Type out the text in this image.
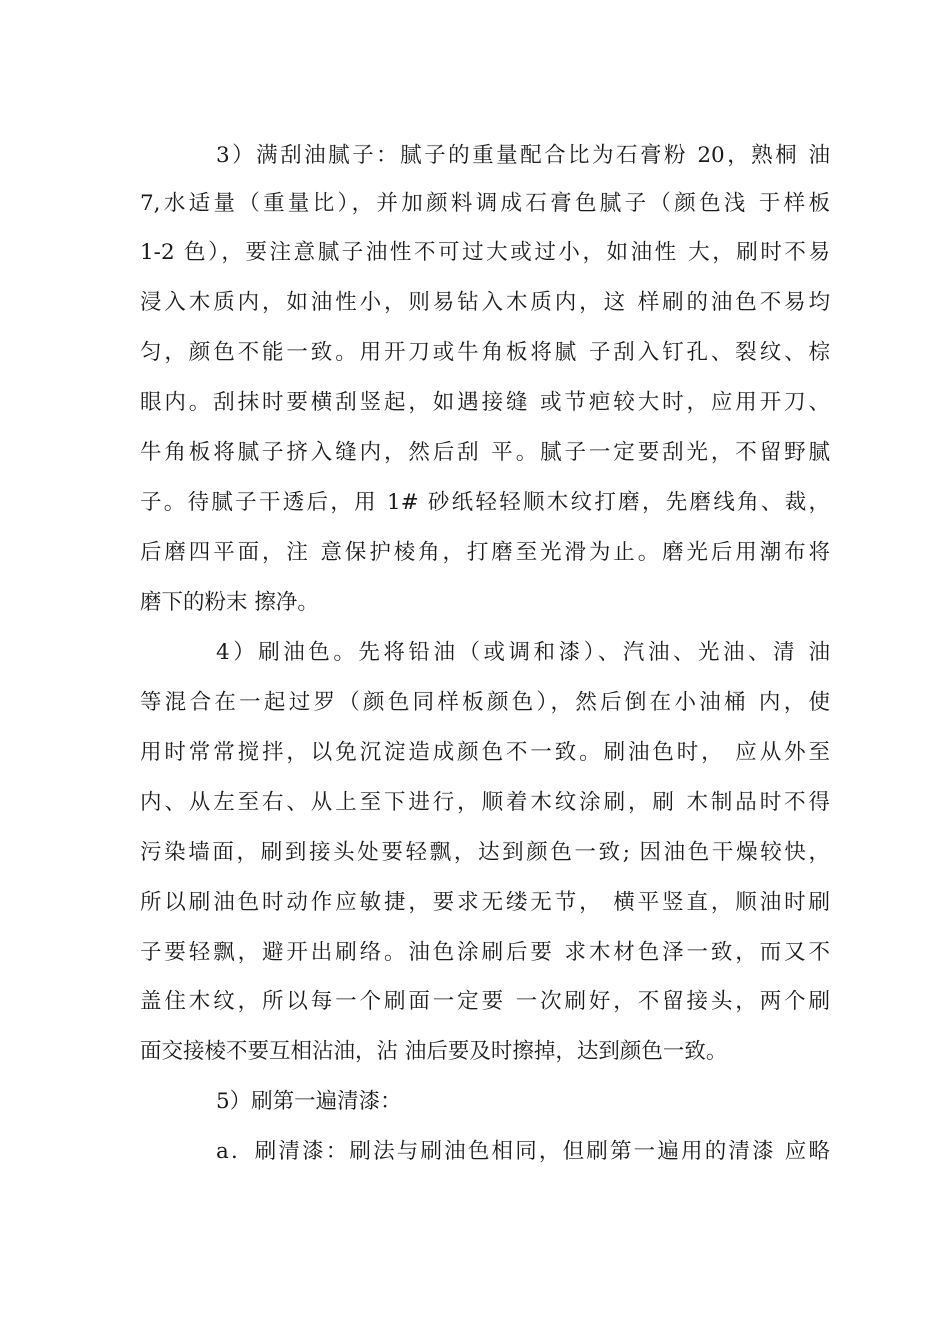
3）满刮油腻子：腻子的重量配合比为石膏粉 20，熟桐 油
7,水适量（重量比），并加颜料调成石膏色腻子（颜色浅 于样板
1-2 色），要注意腻子油性不可过大或过小，如油性 大，刷时不易
浸入木质内，如油性小，则易钻入木质内，这 样刷的油色不易均
匀，颜色不能一致。用开刀或牛角板将腻 子刮入钉孔、裂纹、棕
眼内。刮抹时要横刮竖起，如遇接缝 或节疤较大时，应用开刀、
牛角板将腻子挤入缝内，然后刮 平。腻子一定要刮光，不留野腻
子。待腻子干透后，用 1# 砂纸轻轻顺木纹打磨，先磨线角、裁，
后磨四平面，注 意保护棱角，打磨至光滑为止。磨光后用潮布将
磨下的粉末 擦净。
4）刷油色。先将铅油（或调和漆）、汽油、光油、清 油
等混合在一起过罗（颜色同样板颜色），然后倒在小油桶 内，使
用时常常搅拌，以免沉淀造成颜色不一致。刷油色时， 应从外至
内、从左至右、从上至下进行，顺着木纹涂刷，刷 木制品时不得
污染墙面，刷到接头处要轻飘，达到颜色一致; 因油色干燥较快，
所以刷油色时动作应敏捷，要求无缕无节， 横平竖直，顺油时刷
子要轻飘，避开出刷络。油色涂刷后要 求木材色泽一致，而又不
盖住木纹，所以每一个刷面一定要 一次刷好，不留接头，两个刷
面交接棱不要互相沾油，沾 油后要及时擦掉，达到颜色一致。
5）刷第一遍清漆：
a．刷清漆：刷法与刷油色相同，但刷第一遍用的清漆 应略
